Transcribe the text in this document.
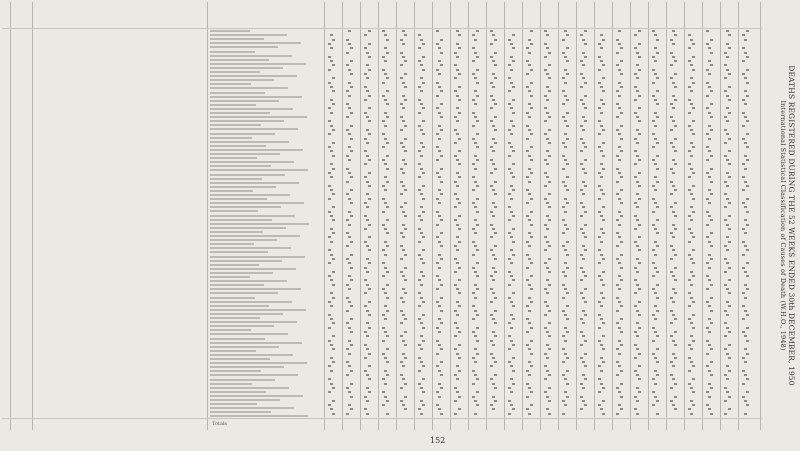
Totals
152
DEATHS REGISTERED DURING THE 52 WEEKS ENDED 30th DECEMBER, 1950
International Statistical Classification of Causes of Death (W.H.O., 1948)
